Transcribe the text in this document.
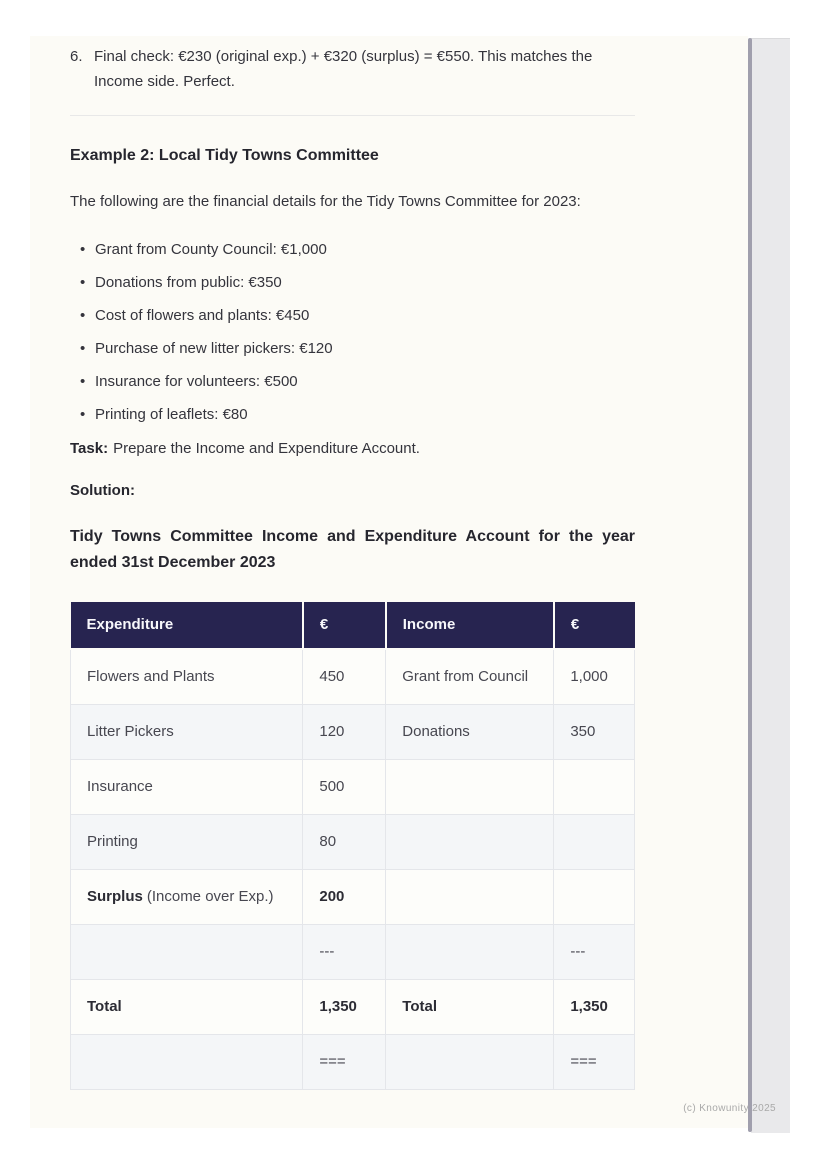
6. Final check: €230 (original exp.) + €320 (surplus) = €550. This matches the Income side. Perfect.
Example 2: Local Tidy Towns Committee
The following are the financial details for the Tidy Towns Committee for 2023:
• Grant from County Council: €1,000
• Donations from public: €350
• Cost of flowers and plants: €450
• Purchase of new litter pickers: €120
• Insurance for volunteers: €500
• Printing of leaflets: €80
Task: Prepare the Income and Expenditure Account.
Solution:
Tidy Towns Committee Income and Expenditure Account for the year
ended 31st December 2023
Expenditure	€	Income	€
Flowers and Plants	450	Grant from Council	1,000
Litter Pickers	120	Donations	350
Insurance	500		
Printing	80		
Surplus (Income over Exp.)	200		
	---		---
Total	1,350	Total	1,350
	===		===
(c) Knowunity 2025
